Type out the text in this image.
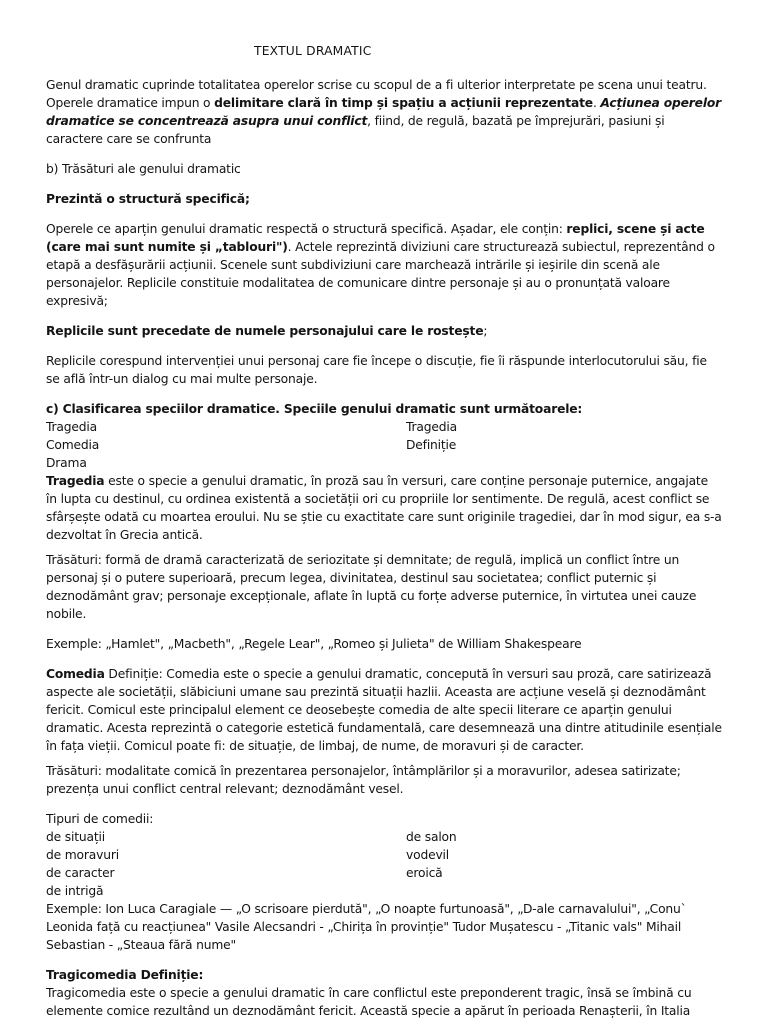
TEXTUL DRAMATIC

Genul dramatic cuprinde totalitatea operelor scrise cu scopul de a fi ulterior interpretate pe scena unui teatru. Operele dramatice impun o delimitare clară în timp și spațiu a acțiunii reprezentate. Acțiunea operelor dramatice se concentrează asupra unui conflict, fiind, de regulă, bazată pe împrejurări, pasiuni și caractere care se confrunta

b) Trăsături ale genului dramatic

Prezintă o structură specifică;

Operele ce aparțin genului dramatic respectă o structură specifică. Așadar, ele conțin: replici, scene și acte (care mai sunt numite și „tablouri"). Actele reprezintă diviziuni care structurează subiectul, reprezentând o etapă a desfășurării acțiunii. Scenele sunt subdiviziuni care marchează intrările și ieșirile din scenă ale personajelor. Replicile constituie modalitatea de comunicare dintre personaje și au o pronunțată valoare expresivă;

Replicile sunt precedate de numele personajului care le rostește;

Replicile corespund intervenției unui personaj care fie începe o discuție, fie îi răspunde interlocutorului său, fie se află într-un dialog cu mai multe personaje.

c) Clasificarea speciilor dramatice. Speciile genului dramatic sunt următoarele:

Tragedia
Comedia
Drama
Tragedia
Definiție

Tragedia este o specie a genului dramatic, în proză sau în versuri, care conține personaje puternice, angajate în lupta cu destinul, cu ordinea existentă a societății ori cu propriile lor sentimente. De regulă, acest conflict se sfârșește odată cu moartea eroului. Nu se știe cu exactitate care sunt originile tragediei, dar în mod sigur, ea s-a dezvoltat în Grecia antică.

Trăsături: formă de dramă caracterizată de seriozitate și demnitate; de regulă, implică un conflict între un personaj și o putere superioară, precum legea, divinitatea, destinul sau societatea; conflict puternic și deznodământ grav; personaje excepționale, aflate în luptă cu forțe adverse puternice, în virtutea unei cauze nobile.

Exemple: „Hamlet", „Macbeth", „Regele Lear", „Romeo și Julieta" de William Shakespeare

Comedia Definiție: Comedia este o specie a genului dramatic, concepută în versuri sau proză, care satirizează aspecte ale societății, slăbiciuni umane sau prezintă situații hazlii. Aceasta are acțiune veselă și deznodământ fericit. Comicul este principalul element ce deosebește comedia de alte specii literare ce aparțin genului dramatic. Acesta reprezintă o categorie estetică fundamentală, care desemnează una dintre atitudinile esențiale în fața vieții. Comicul poate fi: de situație, de limbaj, de nume, de moravuri și de caracter.

Trăsături: modalitate comică în prezentarea personajelor, întâmplărilor și a moravurilor, adesea satirizate; prezența unui conflict central relevant; deznodământ vesel.

Tipuri de comedii:

de situații
de moravuri
de caracter
de intrigă
de salon
vodevil
eroică

Exemple: Ion Luca Caragiale — „O scrisoare pierdută", „O noapte furtunoasă", „D-ale carnavalului", „Conu` Leonida față cu reacțiunea" Vasile Alecsandri - „Chirița în provinție" Tudor Mușatescu - „Titanic vals" Mihail Sebastian - „Steaua fără nume"

Tragicomedia Definiție:

Tragicomedia este o specie a genului dramatic în care conflictul este preponderent tragic, însă se îmbină cu elemente comice rezultând un deznodământ fericit. Această specie a apărut în perioada Renașterii, în Italia
